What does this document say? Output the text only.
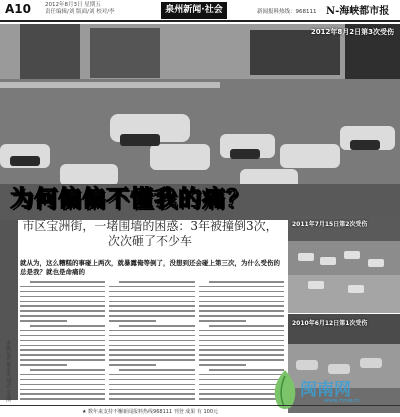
A10	2012年8月3日 星期五
责任编辑/刘 版面/刘 校对/李	泉州新闻·社会	新闻报料热线：968111 N-海峡都市报
2012年8月2日第3次受伤
为何偏偏不懂我的痛？
市区宝洲街，一堵围墙的困惑：3年被撞倒3次，次次砸了不少车
就从为，这么糟糕的事碰上两次，就暴露俺等倒了，没想到还会碰上第三次，为什么受伤的总是我？就也是命痛的
2011年7月15日第2次受伤
2010年6月12日第1次受伤
本报记者 黄小龙 刘吉 文/图	闽南网
www.mnw.cn
★ 数年来支持不懈新闻报料热线968111 刊登 成果 有 100元
